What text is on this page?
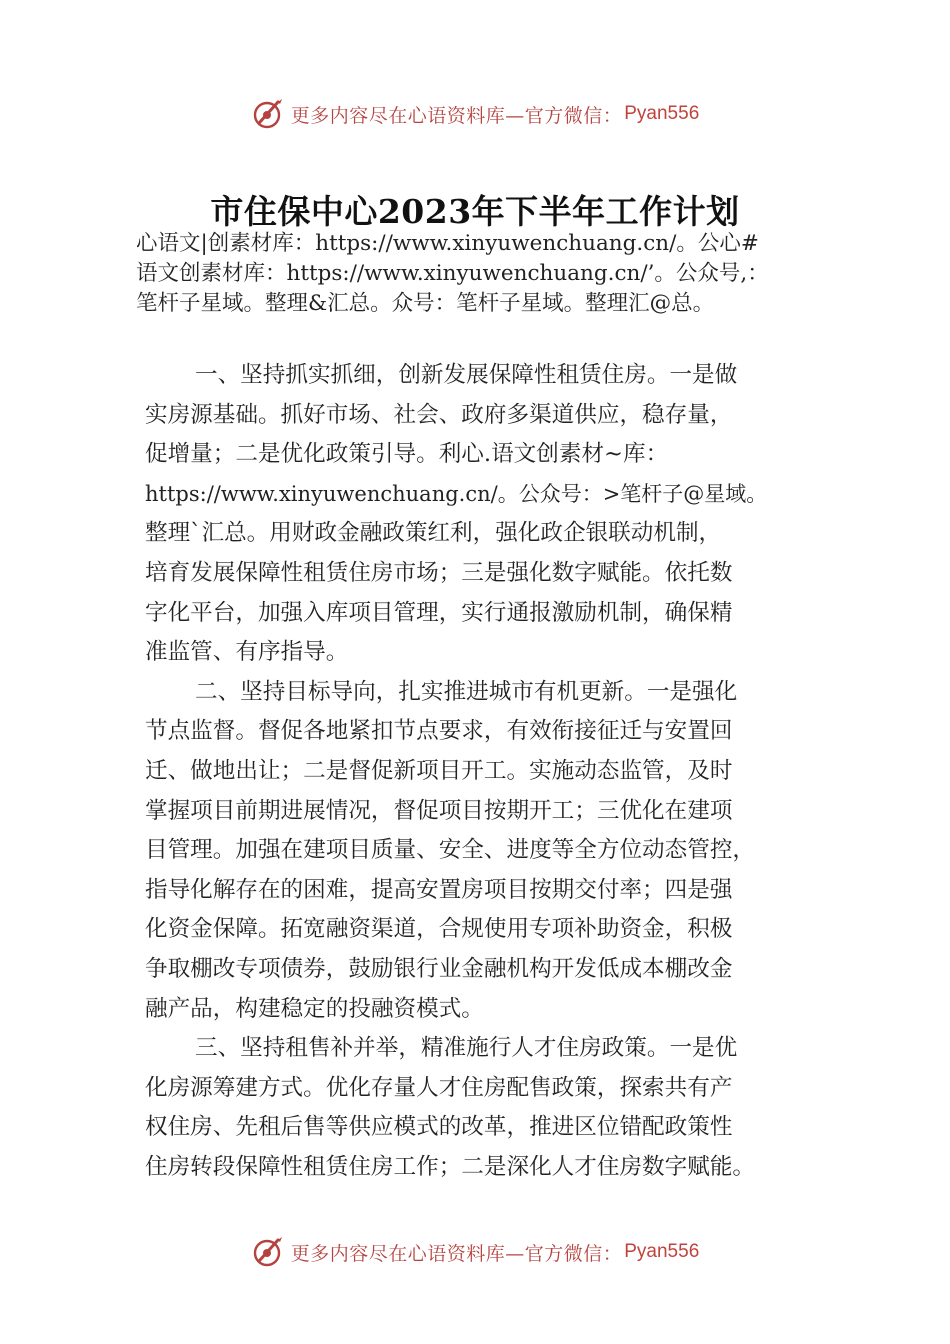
更多内容尽在心语资料库—官方微信： Pyan556
市住保中心2023年下半年工作计划
心语文|创素材库：https://www.xinyuwenchuang.cn/。公心#
语文创素材库：https://www.xinyuwenchuang.cn/’。公众号,：
笔杆子星域。整理&汇总。众号：笔杆子星域。整理汇@总。
一、坚持抓实抓细，创新发展保障性租赁住房。一是做
实房源基础。抓好市场、社会、政府多渠道供应，稳存量，
促增量；二是优化政策引导。利心.语文创素材~库：
https://www.xinyuwenchuang.cn/。公众号：>笔杆子@星域。
整理`汇总。用财政金融政策红利，强化政企银联动机制，
培育发展保障性租赁住房市场；三是强化数字赋能。依托数
字化平台，加强入库项目管理，实行通报激励机制，确保精
准监管、有序指导。
二、坚持目标导向，扎实推进城市有机更新。一是强化
节点监督。督促各地紧扣节点要求，有效衔接征迁与安置回
迁、做地出让；二是督促新项目开工。实施动态监管，及时
掌握项目前期进展情况，督促项目按期开工；三优化在建项
目管理。加强在建项目质量、安全、进度等全方位动态管控，
指导化解存在的困难，提高安置房项目按期交付率；四是强
化资金保障。拓宽融资渠道，合规使用专项补助资金，积极
争取棚改专项债券，鼓励银行业金融机构开发低成本棚改金
融产品，构建稳定的投融资模式。
三、坚持租售补并举，精准施行人才住房政策。一是优
化房源筹建方式。优化存量人才住房配售政策，探索共有产
权住房、先租后售等供应模式的改革，推进区位错配政策性
住房转段保障性租赁住房工作；二是深化人才住房数字赋能。
更多内容尽在心语资料库—官方微信： Pyan556
